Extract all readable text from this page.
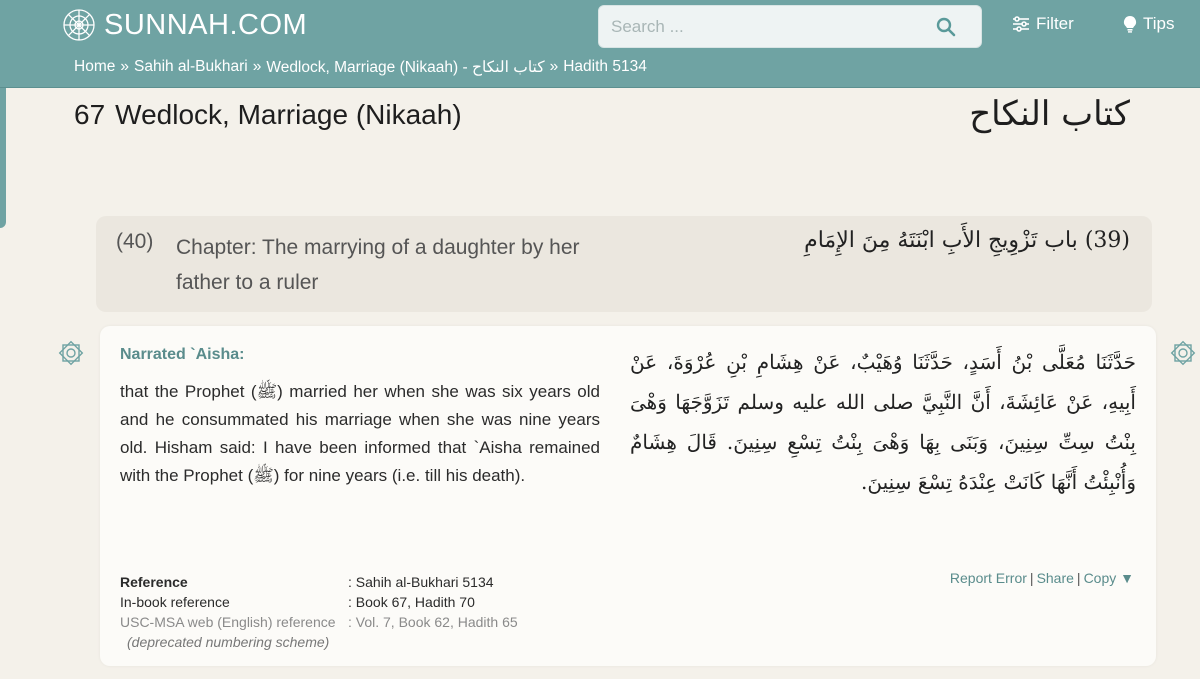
SUNNAH.COM
Search ...	Filter	Tips
Home » Sahih al-Bukhari » Wedlock, Marriage (Nikaah) - كتاب النكاح » Hadith 5134
67 Wedlock, Marriage (Nikaah)	كتاب النكاح
(40) Chapter: The marrying of a daughter by her father to a ruler
(39) باب تَزْوِيجِ الأَبِ ابْنَتَهُ مِنَ الإِمَامِ
Narrated `Aisha:
that the Prophet (ﷺ) married her when she was six years old and he consummated his marriage when she was nine years old. Hisham said: I have been informed that `Aisha remained with the Prophet (ﷺ) for nine years (i.e. till his death).
حَدَّثَنَا مُعَلَّى بْنُ أَسَدٍ، حَدَّثَنَا وُهَيْبٌ، عَنْ هِشَامِ بْنِ عُرْوَةَ، عَنْ أَبِيهِ، عَنْ عَائِشَةَ، أَنَّ النَّبِيَّ صلى الله عليه وسلم تَزَوَّجَهَا وَهْىَ بِنْتُ سِتِّ سِنِينَ، وَبَنَى بِهَا وَهْىَ بِنْتُ تِسْعِ سِنِينَ‏.‏ قَالَ هِشَامٌ وَأُنْبِئْتُ أَنَّهَا كَانَتْ عِنْدَهُ تِسْعَ سِنِينَ‏.‏
Reference	: Sahih al-Bukhari 5134
In-book reference	: Book 67, Hadith 70
USC-MSA web (English) reference : Vol. 7, Book 62, Hadith 65
(deprecated numbering scheme)
Report Error | Share | Copy ▼
